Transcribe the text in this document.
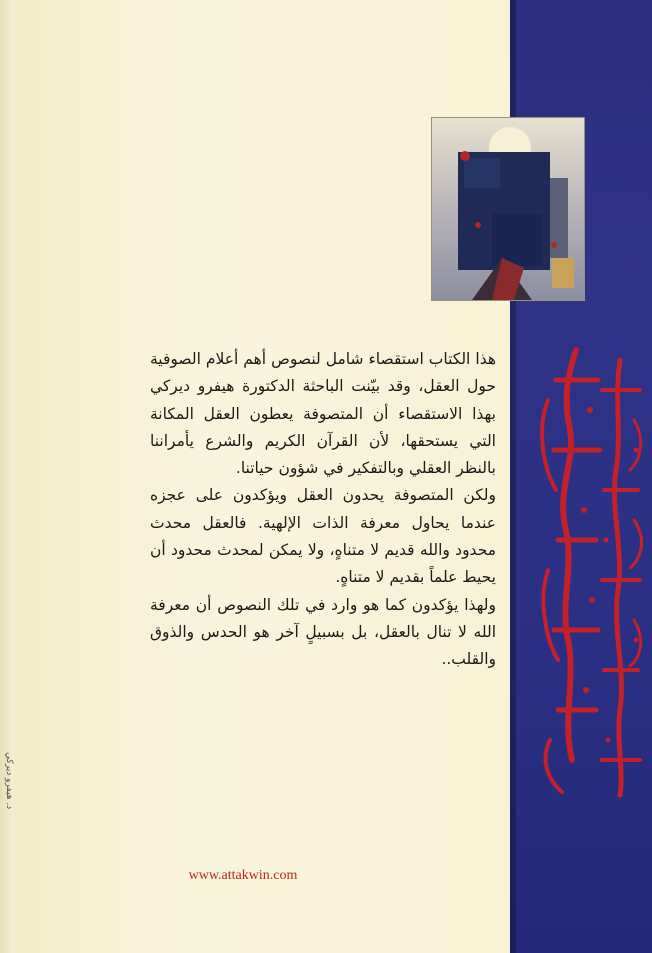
د. هيفرو ديركي

هذا الكتاب استقصاء شامل لنصوص أهم أعلام الصوفية حول العقل، وقد بيّنت الباحثة الدكتورة هيفرو ديركي بهذا الاستقصاء أن المتصوفة يعطون العقل المكانة التي يستحقها، لأن القرآن الكريم والشرع يأمراننا بالنظر العقلي وبالتفكير في شؤون حياتنا.

ولكن المتصوفة يحدون العقل ويؤكدون على عجزه عندما يحاول معرفة الذات الإلهية. فالعقل محدث محدود والله قديم لا متناهٍ، ولا يمكن لمحدث محدود أن يحيط علماً بقديم لا متناهٍ.

ولهذا يؤكدون كما هو وارد في تلك النصوص أن معرفة الله لا تنال بالعقل، بل بسبيلٍ آخر هو الحدس والذوق والقلب..

www.attakwin.com
